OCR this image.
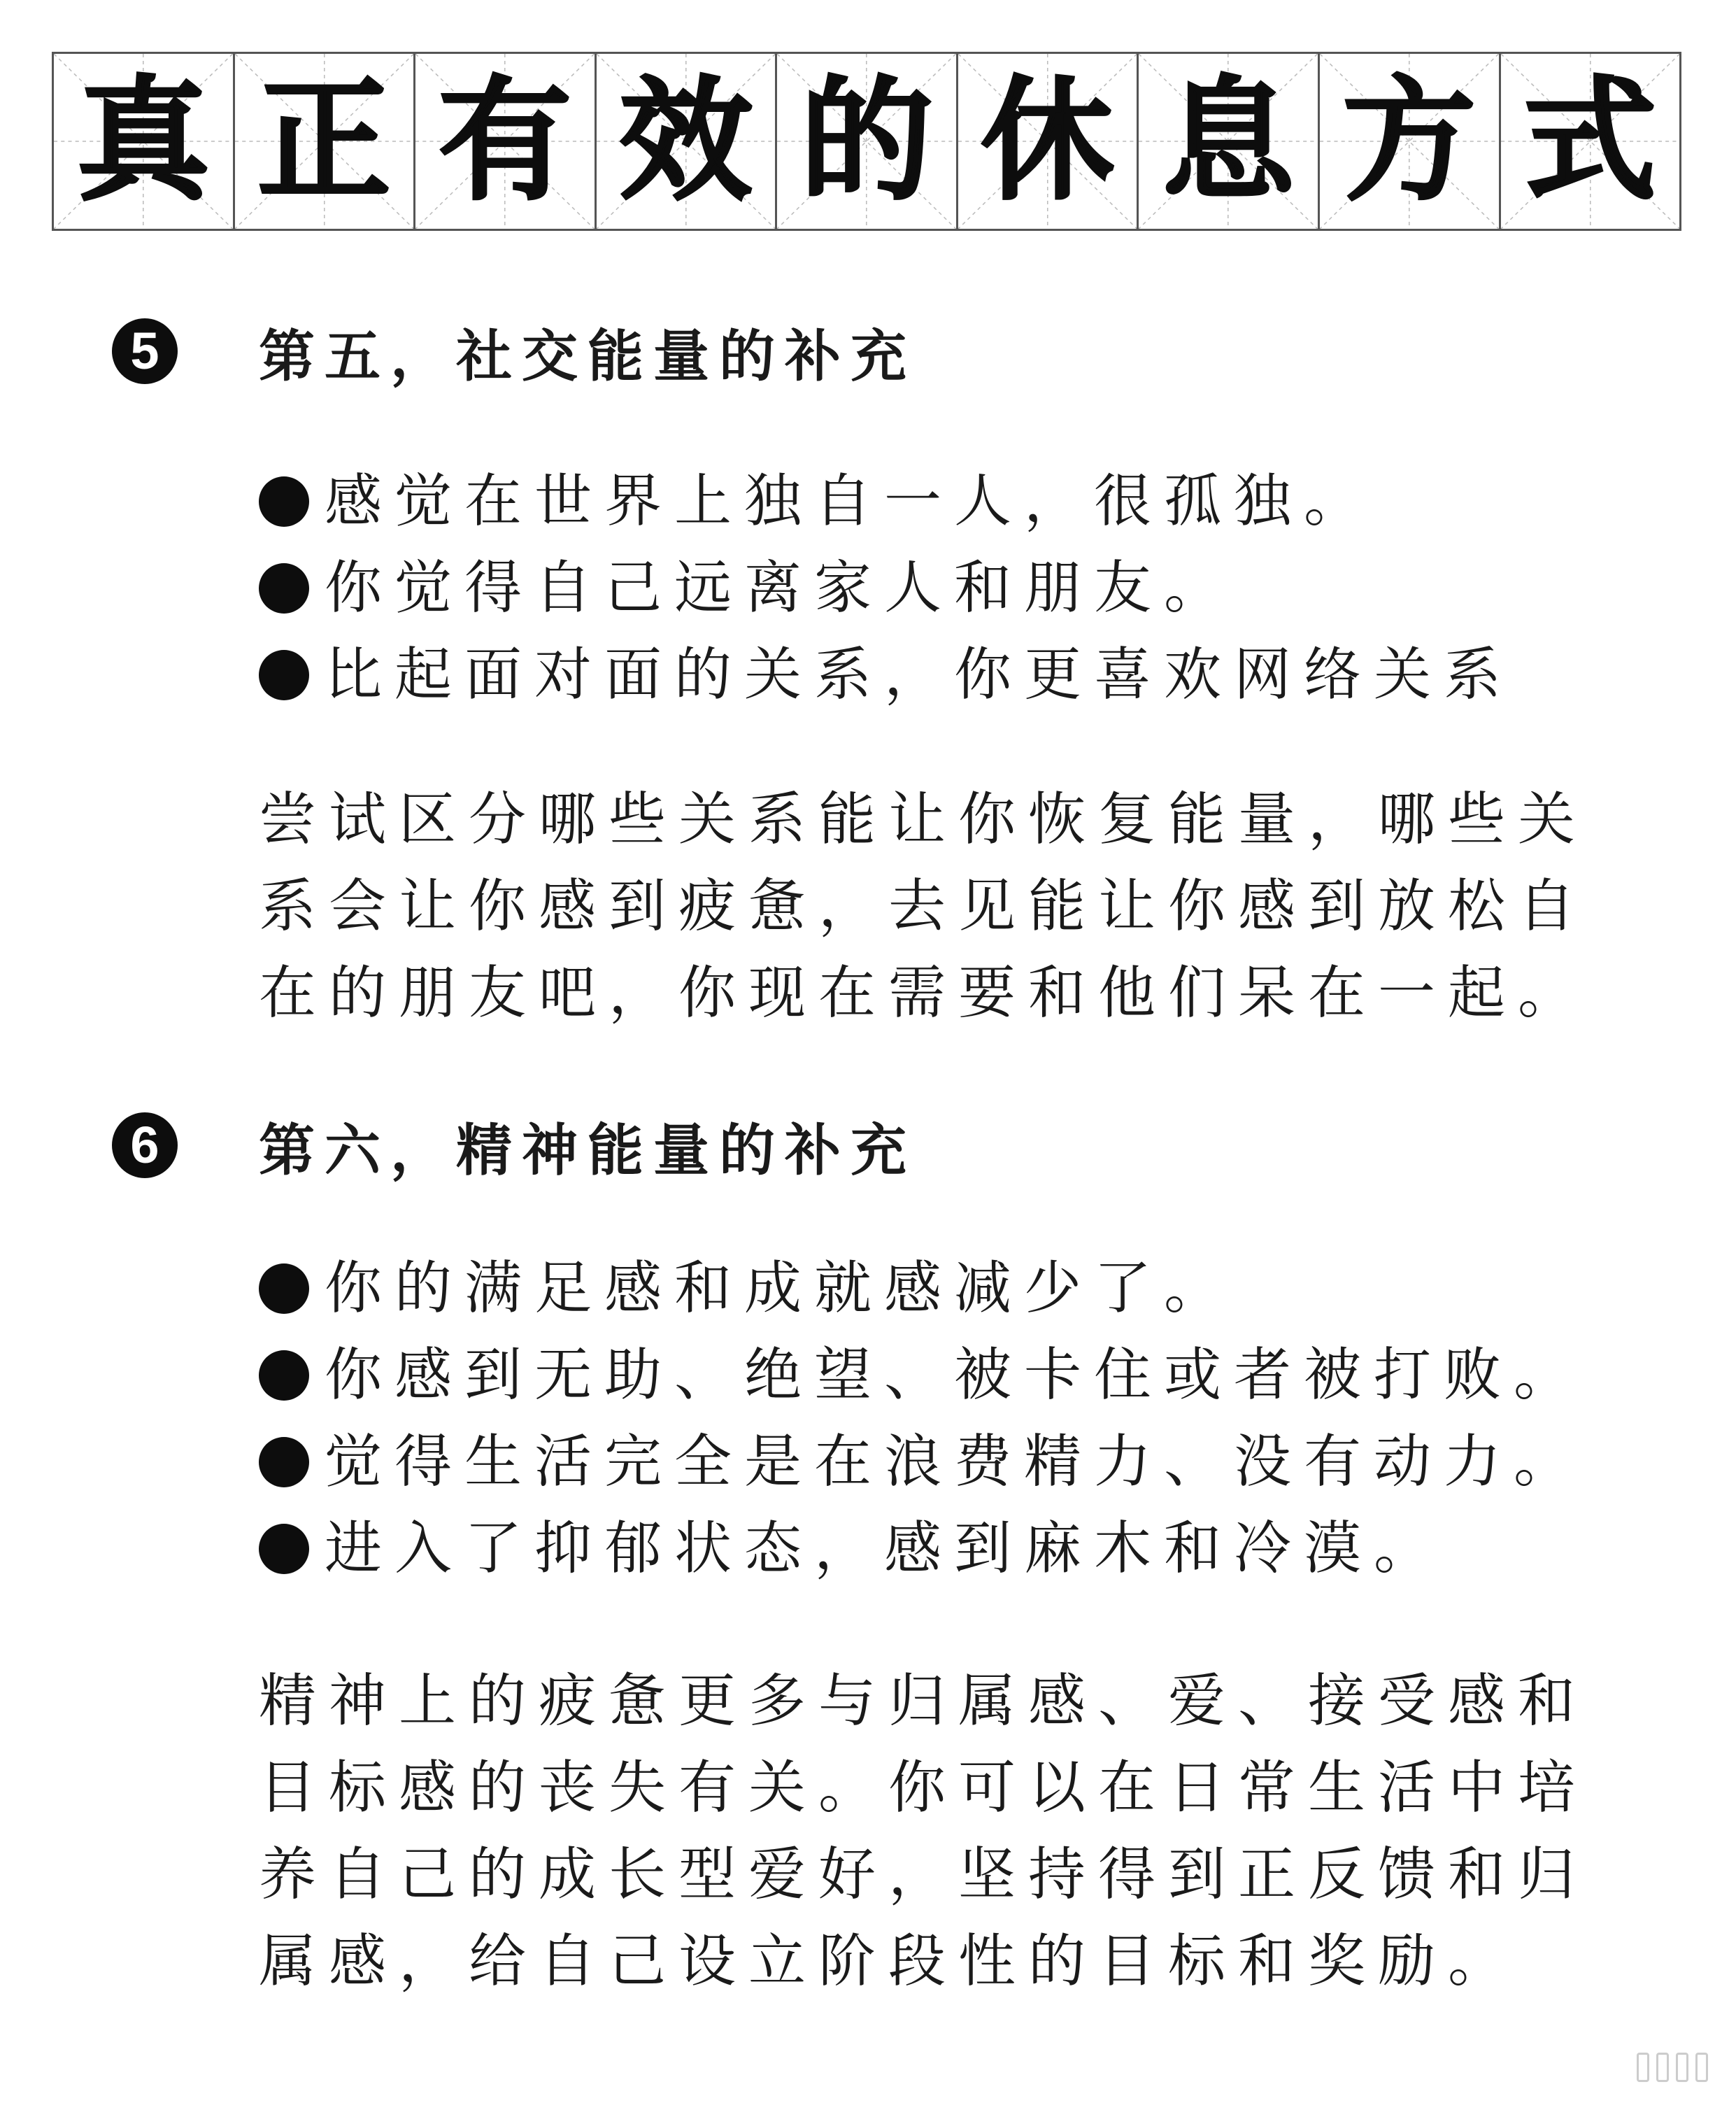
真 正 有 效 的 休 息 方 式
5	第五，社交能量的补充
感觉在世界上独自一人，很孤独。
你觉得自己远离家人和朋友。
比起面对面的关系，你更喜欢网络关系
尝试区分哪些关系能让你恢复能量，哪些关
系会让你感到疲惫，去见能让你感到放松自
在的朋友吧，你现在需要和他们呆在一起。
6	第六，精神能量的补充
你的满足感和成就感减少了。
你感到无助、绝望、被卡住或者被打败。
觉得生活完全是在浪费精力、没有动力。
进入了抑郁状态，感到麻木和冷漠。
精神上的疲惫更多与归属感、爱、接受感和
目标感的丧失有关。你可以在日常生活中培
养自己的成长型爱好，坚持得到正反馈和归
属感，给自己设立阶段性的目标和奖励。
